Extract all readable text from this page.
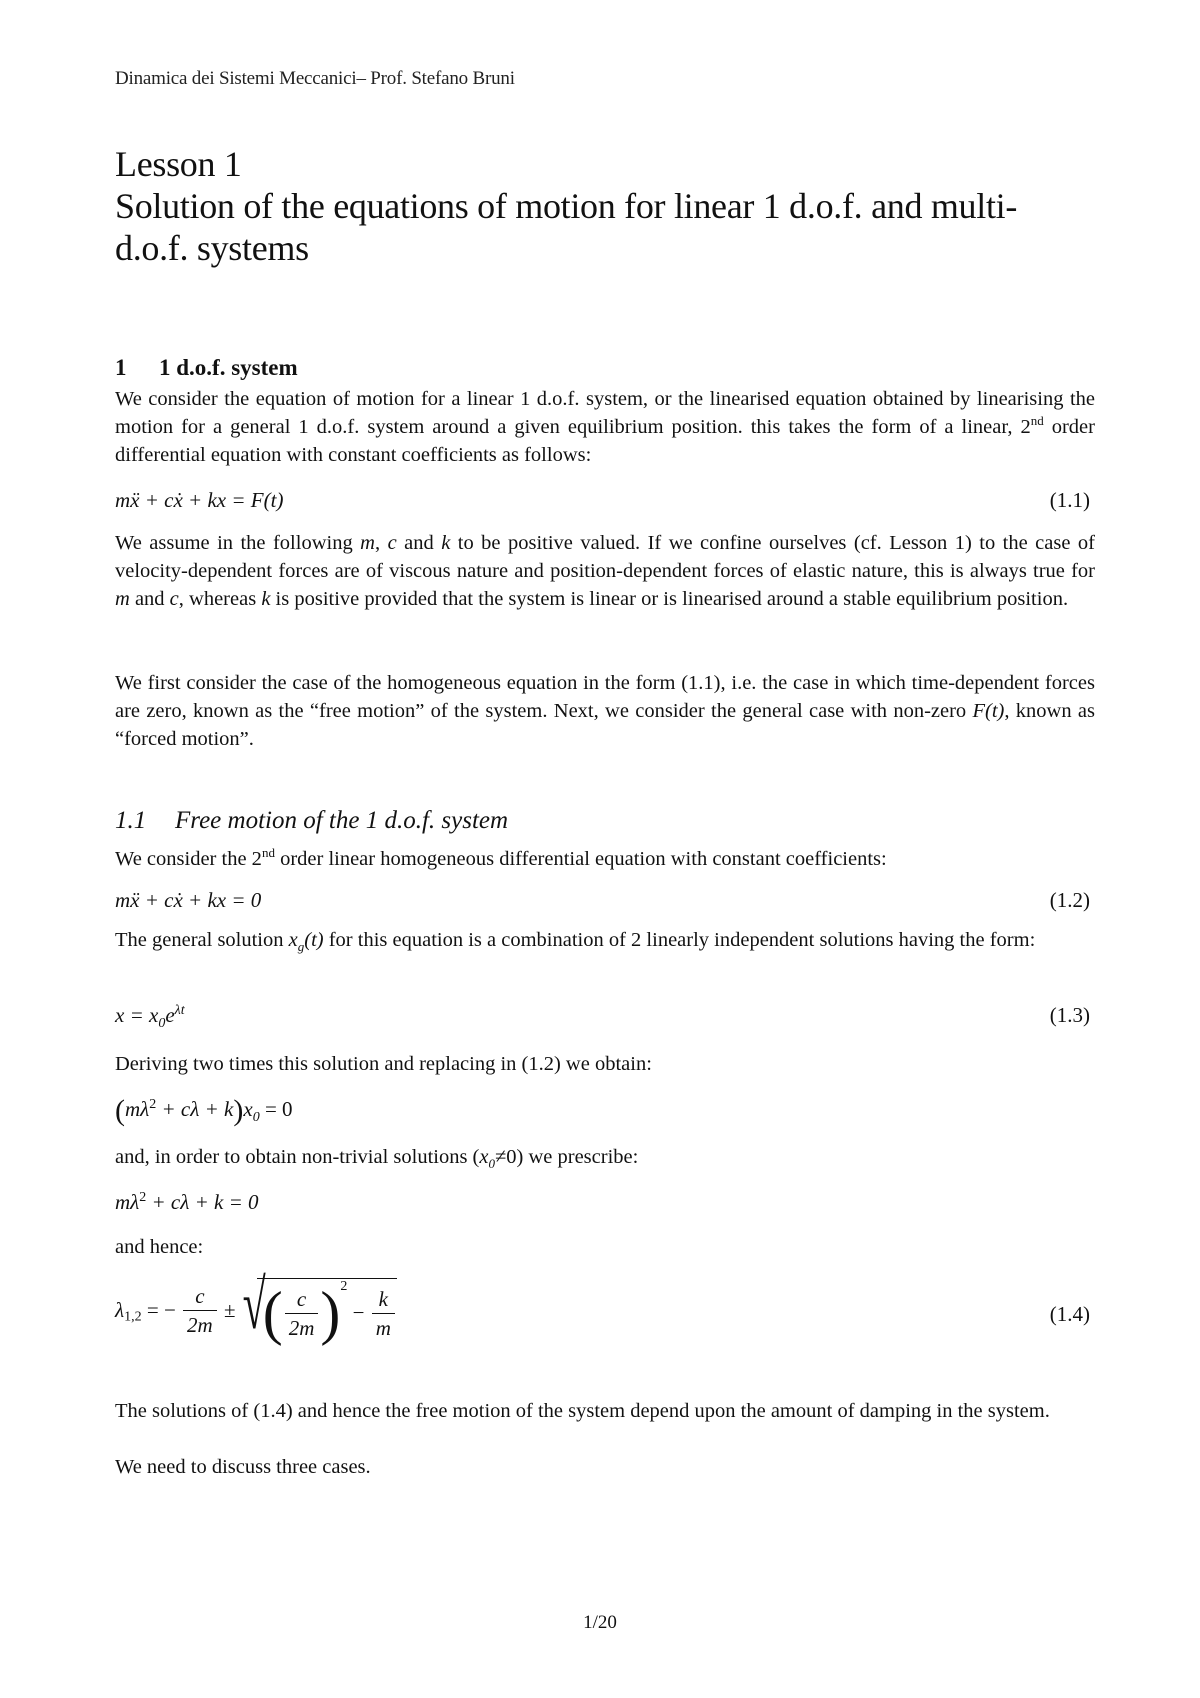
Dinamica dei Sistemi Meccanici– Prof. Stefano Bruni
Lesson 1
Solution of the equations of motion for linear 1 d.o.f. and multi-
d.o.f. systems
1 1 d.o.f. system
We consider the equation of motion for a linear 1 d.o.f. system, or the linearised equation obtained by linearising the motion for a general 1 d.o.f. system around a given equilibrium position. this takes the form of a linear, 2nd order differential equation with constant coefficients as follows:
mẍ + cẋ + kx = F(t)	(1.1)
We assume in the following m, c and k to be positive valued. If we confine ourselves (cf. Lesson 1) to the case of velocity-dependent forces are of viscous nature and position-dependent forces of elastic nature, this is always true for m and c, whereas k is positive provided that the system is linear or is linearised around a stable equilibrium position.
We first consider the case of the homogeneous equation in the form (1.1), i.e. the case in which time-dependent forces are zero, known as the “free motion” of the system. Next, we consider the general case with non-zero F(t), known as “forced motion”.
1.1 Free motion of the 1 d.o.f. system
We consider the 2nd order linear homogeneous differential equation with constant coefficients:
mẍ + cẋ + kx = 0	(1.2)
The general solution $x_g(t)$ for this equation is a combination of 2 linearly independent solutions having the form:
$x = x_0e^{\lambda t}$	(1.3)
Deriving two times this solution and replacing in (1.2) we obtain:
$(m\lambda^2 + c\lambda + k)x_0 = 0$
and, in order to obtain non-trivial solutions $(x_0\ne 0)$ we prescribe:
$m\lambda^2 + c\lambda + k = 0$
and hence:
$\lambda_{1,2}$ = − $\frac{c}{2m}$ ± √ ( $\frac{c}{2m} )^2 - \frac{k}{m}$	(1.4)
The solutions of (1.4) and hence the free motion of the system depend upon the amount of damping in the system.
We need to discuss three cases.
1/20
